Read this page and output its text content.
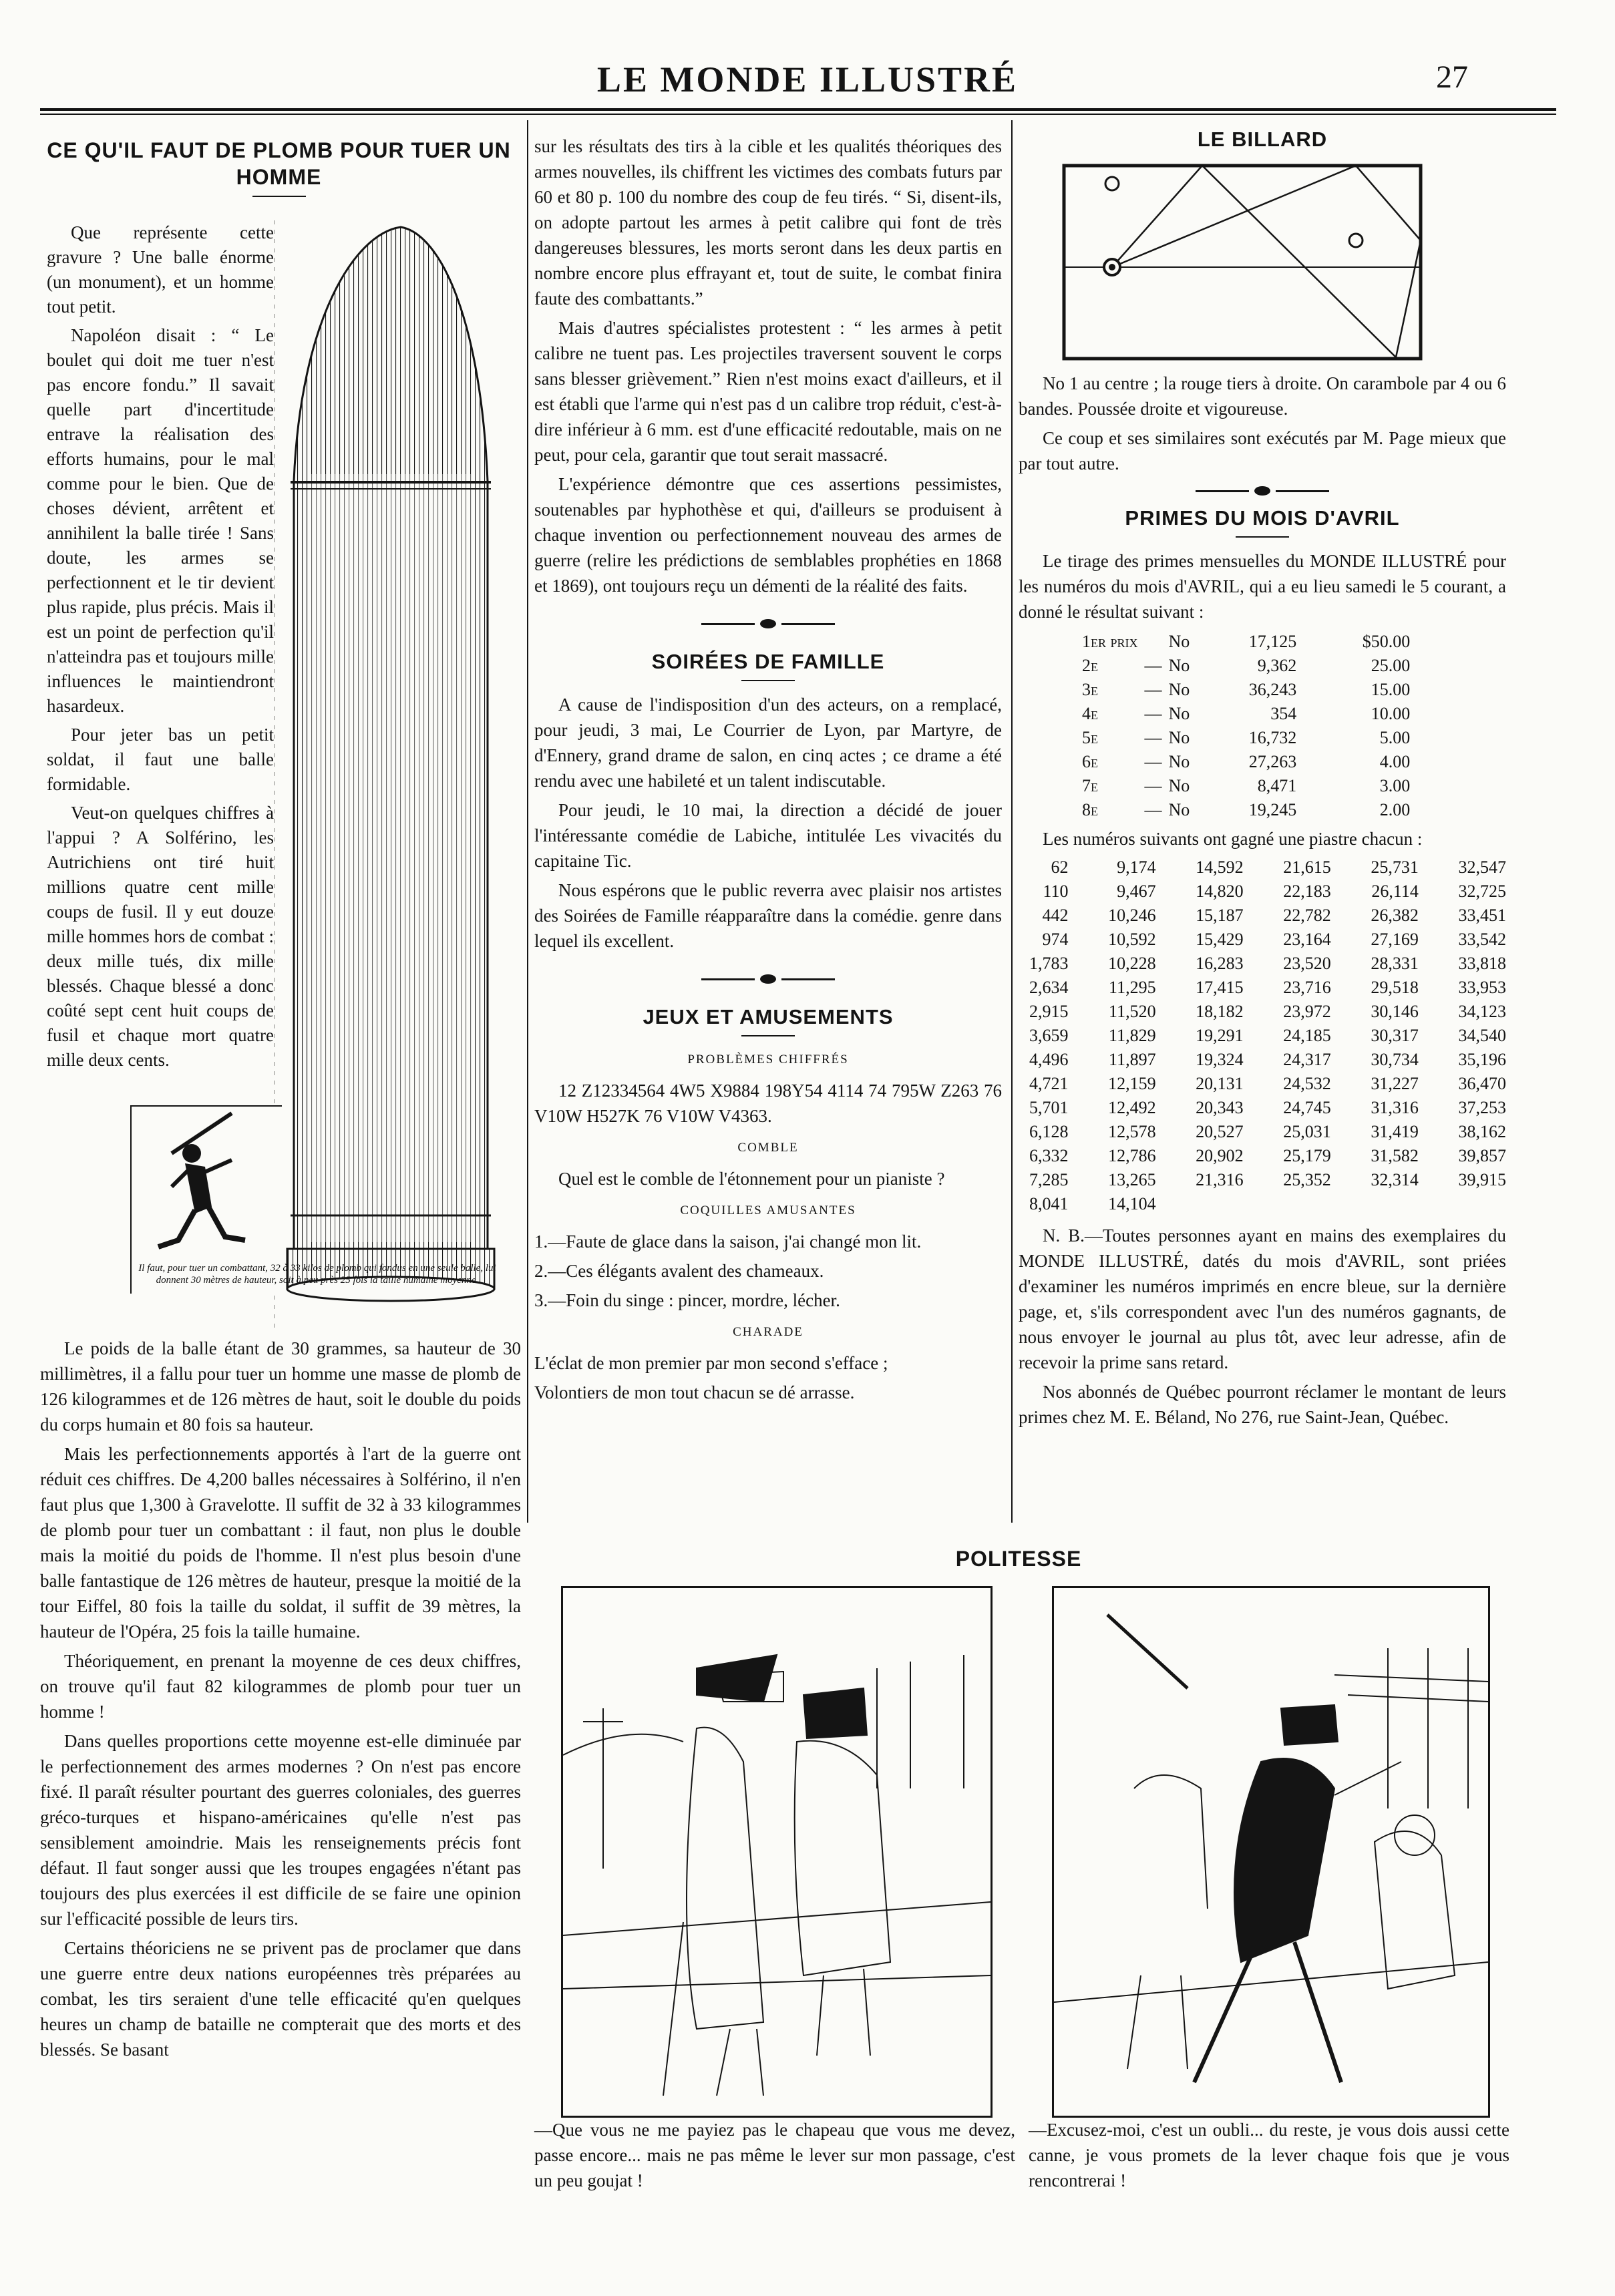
LE MONDE ILLUSTRÉ	27
CE QU'IL FAUT DE PLOMB POUR TUER UN HOMME

Que représente cette gravure ? Une balle énorme (un monument), et un homme tout petit.

Napoléon disait : “ Le boulet qui doit me tuer n'est pas encore fondu.” Il savait quelle part d'incertitude entrave la réalisation des efforts humains, pour le mal comme pour le bien. Que de choses dévient, arrêtent et annihilent la balle tirée ! Sans doute, les armes se perfectionnent et le tir devient plus rapide, plus précis. Mais il est un point de perfection qu'il n'atteindra pas et toujours mille influences le maintiendront hasardeux.

Pour jeter bas un petit soldat, il faut une balle formidable.

Veut-on quelques chiffres à l'appui ? A Solférino, les Autrichiens ont tiré huit millions quatre cent mille coups de fusil. Il y eut douze mille hommes hors de combat : deux mille tués, dix mille blessés. Chaque blessé a donc coûté sept cent huit coups de fusil et chaque mort quatre mille deux cents.

Il faut, pour tuer un combattant, 32 à 33 kilos de plomb qui fondus en une seule balle, lui donnent 30 mètres de hauteur, soit à peu près 25 fois la taille humaine moyenne.

Le poids de la balle étant de 30 grammes, sa hauteur de 30 millimètres, il a fallu pour tuer un homme une masse de plomb de 126 kilogrammes et de 126 mètres de haut, soit le double du poids du corps humain et 80 fois sa hauteur.

Mais les perfectionnements apportés à l'art de la guerre ont réduit ces chiffres. De 4,200 balles nécessaires à Solférino, il n'en faut plus que 1,300 à Gravelotte. Il suffit de 32 à 33 kilogrammes de plomb pour tuer un combattant : il faut, non plus le double mais la moitié du poids de l'homme. Il n'est plus besoin d'une balle fantastique de 126 mètres de hauteur, presque la moitié de la tour Eiffel, 80 fois la taille du soldat, il suffit de 39 mètres, la hauteur de l'Opéra, 25 fois la taille humaine.

Théoriquement, en prenant la moyenne de ces deux chiffres, on trouve qu'il faut 82 kilogrammes de plomb pour tuer un homme !

Dans quelles proportions cette moyenne est-elle diminuée par le perfectionnement des armes modernes ? On n'est pas encore fixé. Il paraît résulter pourtant des guerres coloniales, des guerres gréco-turques et hispano-américaines qu'elle n'est pas sensiblement amoindrie. Mais les renseignements précis font défaut. Il faut songer aussi que les troupes engagées n'étant pas toujours des plus exercées il est difficile de se faire une opinion sur l'efficacité possible de leurs tirs.

Certains théoriciens ne se privent pas de proclamer que dans une guerre entre deux nations européennes très préparées au combat, les tirs seraient d'une telle efficacité qu'en quelques heures un champ de bataille ne compterait que des morts et des blessés. Se basant

sur les résultats des tirs à la cible et les qualités théoriques des armes nouvelles, ils chiffrent les victimes des combats futurs par 60 et 80 p. 100 du nombre des coup de feu tirés. “ Si, disent-ils, on adopte partout les armes à petit calibre qui font de très dangereuses blessures, les morts seront dans les deux partis en nombre encore plus effrayant et, tout de suite, le combat finira faute des combattants.”

Mais d'autres spécialistes protestent : “ les armes à petit calibre ne tuent pas. Les projectiles traversent souvent le corps sans blesser grièvement.” Rien n'est moins exact d'ailleurs, et il est établi que l'arme qui n'est pas d un calibre trop réduit, c'est-à-dire inférieur à 6 mm. est d'une efficacité redoutable, mais on ne peut, pour cela, garantir que tout serait massacré.

L'expérience démontre que ces assertions pessimistes, soutenables par hyphothèse et qui, d'ailleurs se produisent à chaque invention ou perfectionnement nouveau des armes de guerre (relire les prédictions de semblables prophéties en 1868 et 1869), ont toujours reçu un démenti de la réalité des faits.

SOIRÉES DE FAMILLE

A cause de l'indisposition d'un des acteurs, on a remplacé, pour jeudi, 3 mai, Le Courrier de Lyon, par Martyre, de d'Ennery, grand drame de salon, en cinq actes ; ce drame a été rendu avec une habileté et un talent indiscutable.

Pour jeudi, le 10 mai, la direction a décidé de jouer l'intéressante comédie de Labiche, intitulée Les vivacités du capitaine Tic.

Nous espérons que le public reverra avec plaisir nos artistes des Soirées de Famille réapparaître dans la comédie. genre dans lequel ils excellent.

JEUX ET AMUSEMENTS
PROBLÈMES CHIFFRÉS

12 Z12334564 4W5 X9884 198Y54 4114 74 795W Z263 76 V10W H527K 76 V10W V4363.

COMBLE

Quel est le comble de l'étonnement pour un pianiste ?

COQUILLES AMUSANTES

1.—Faute de glace dans la saison, j'ai changé mon lit.

2.—Ces élégants avalent des chameaux.

3.—Foin du singe : pincer, mordre, lécher.

CHARADE

L'éclat de mon premier par mon second s'efface ;

Volontiers de mon tout chacun se dé arrasse.

LE BILLARD

No 1 au centre ; la rouge tiers à droite. On carambole par 4 ou 6 bandes. Poussée droite et vigoureuse.

Ce coup et ses similaires sont exécutés par M. Page mieux que par tout autre.

PRIMES DU MOIS D'AVRIL

Le tirage des primes mensuelles du MONDE ILLUSTRÉ pour les numéros du mois d'AVRIL, qui a eu lieu samedi le 5 courant, a donné le résultat suivant :

1er prix		No	17,125	$50.00
2e	—	No	9,362	25.00
3e	—	No	36,243	15.00
4e	—	No	354	10.00
5e	—	No	16,732	5.00
6e	—	No	27,263	4.00
7e	—	No	8,471	3.00
8e	—	No	19,245	2.00

Les numéros suivants ont gagné une piastre chacun :

62	9,174	14,592	21,615	25,731	32,547
110	9,467	14,820	22,183	26,114	32,725
442	10,246	15,187	22,782	26,382	33,451
974	10,592	15,429	23,164	27,169	33,542
1,783	10,228	16,283	23,520	28,331	33,818
2,634	11,295	17,415	23,716	29,518	33,953
2,915	11,520	18,182	23,972	30,146	34,123
3,659	11,829	19,291	24,185	30,317	34,540
4,496	11,897	19,324	24,317	30,734	35,196
4,721	12,159	20,131	24,532	31,227	36,470
5,701	12,492	20,343	24,745	31,316	37,253
6,128	12,578	20,527	25,031	31,419	38,162
6,332	12,786	20,902	25,179	31,582	39,857
7,285	13,265	21,316	25,352	32,314	39,915
8,041	14,104				

N. B.—Toutes personnes ayant en mains des exemplaires du MONDE ILLUSTRÉ, datés du mois d'AVRIL, sont priées d'examiner les numéros imprimés en encre bleue, sur la dernière page, et, s'ils correspondent avec l'un des numéros gagnants, de nous envoyer le journal au plus tôt, avec leur adresse, afin de recevoir la prime sans retard.

Nos abonnés de Québec pourront réclamer le montant de leurs primes chez M. E. Béland, No 276, rue Saint-Jean, Québec.

POLITESSE
—Que vous ne me payiez pas le chapeau que vous me devez, passe encore... mais ne pas même le lever sur mon passage, c'est un peu goujat !
—Excusez-moi, c'est un oubli... du reste, je vous dois aussi cette canne, je vous promets de la lever chaque fois que je vous rencontrerai !
